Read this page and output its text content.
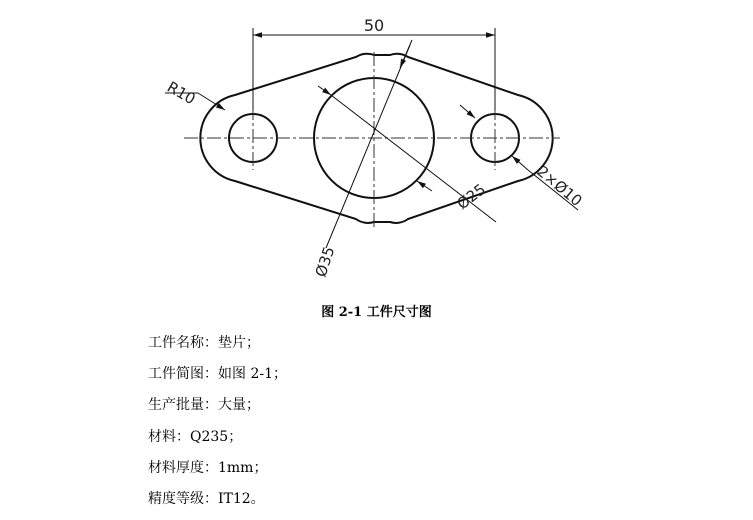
50
R10
Ø25
Ø35
2×Ø10
图 2-1 工件尺寸图
工件名称：垫片；
工件简图：如图 2-1；
生产批量：大量；
材料：Q235；
材料厚度：1mm；
精度等级：IT12。
